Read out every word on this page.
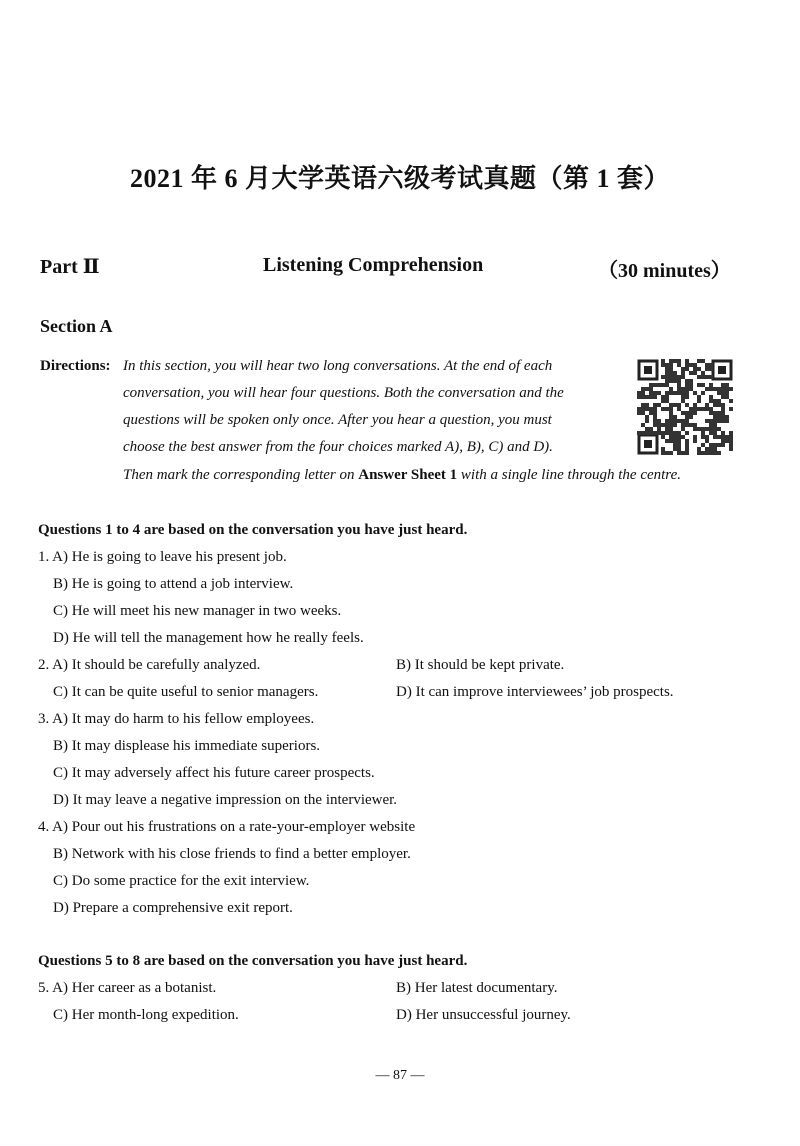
2021 年 6 月大学英语六级考试真题（第 1 套）
Part Ⅱ	Listening Comprehension	（30 minutes）
Section A
Directions: In this section, you will hear two long conversations. At the end of each
conversation, you will hear four questions. Both the conversation and the
questions will be spoken only once. After you hear a question, you must
choose the best answer from the four choices marked A), B), C) and D).
Then mark the corresponding letter on Answer Sheet 1 with a single line through the centre.
Questions 1 to 4 are based on the conversation you have just heard.
1. A) He is going to leave his present job.
B) He is going to attend a job interview.
C) He will meet his new manager in two weeks.
D) He will tell the management how he really feels.
2. A) It should be carefully analyzed.	B) It should be kept private.
C) It can be quite useful to senior managers.	D) It can improve interviewees’ job prospects.
3. A) It may do harm to his fellow employees.
B) It may displease his immediate superiors.
C) It may adversely affect his future career prospects.
D) It may leave a negative impression on the interviewer.
4. A) Pour out his frustrations on a rate-your-employer website
B) Network with his close friends to find a better employer.
C) Do some practice for the exit interview.
D) Prepare a comprehensive exit report.
Questions 5 to 8 are based on the conversation you have just heard.
5. A) Her career as a botanist.	B) Her latest documentary.
C) Her month-long expedition.	D) Her unsuccessful journey.
— 87 —
